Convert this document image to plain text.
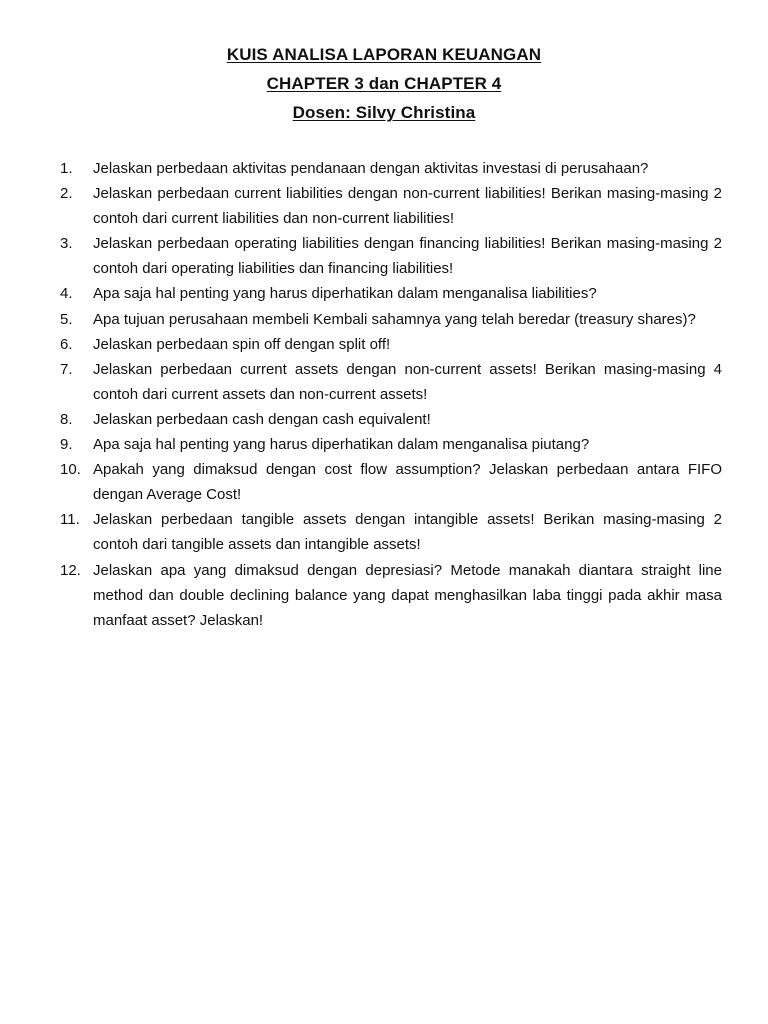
KUIS ANALISA LAPORAN KEUANGAN
CHAPTER 3 dan CHAPTER 4
Dosen: Silvy Christina
1.	Jelaskan perbedaan aktivitas pendanaan dengan aktivitas investasi di perusahaan?
2.	Jelaskan perbedaan current liabilities dengan non-current liabilities! Berikan masing-masing 2 contoh dari current liabilities dan non-current liabilities!
3.	Jelaskan perbedaan operating liabilities dengan financing liabilities! Berikan masing-masing 2 contoh dari operating liabilities dan financing liabilities!
4.	Apa saja hal penting yang harus diperhatikan dalam menganalisa liabilities?
5.	Apa tujuan perusahaan membeli Kembali sahamnya yang telah beredar (treasury shares)?
6.	Jelaskan perbedaan spin off dengan split off!
7.	Jelaskan perbedaan current assets dengan non-current assets! Berikan masing-masing 4 contoh dari current assets dan non-current assets!
8.	Jelaskan perbedaan cash dengan cash equivalent!
9.	Apa saja hal penting yang harus diperhatikan dalam menganalisa piutang?
10. Apakah yang dimaksud dengan cost flow assumption? Jelaskan perbedaan antara FIFO dengan Average Cost!
11. Jelaskan perbedaan tangible assets dengan intangible assets! Berikan masing-masing 2 contoh dari tangible assets dan intangible assets!
12. Jelaskan apa yang dimaksud dengan depresiasi? Metode manakah diantara straight line method dan double declining balance yang dapat menghasilkan laba tinggi pada akhir masa manfaat asset? Jelaskan!
